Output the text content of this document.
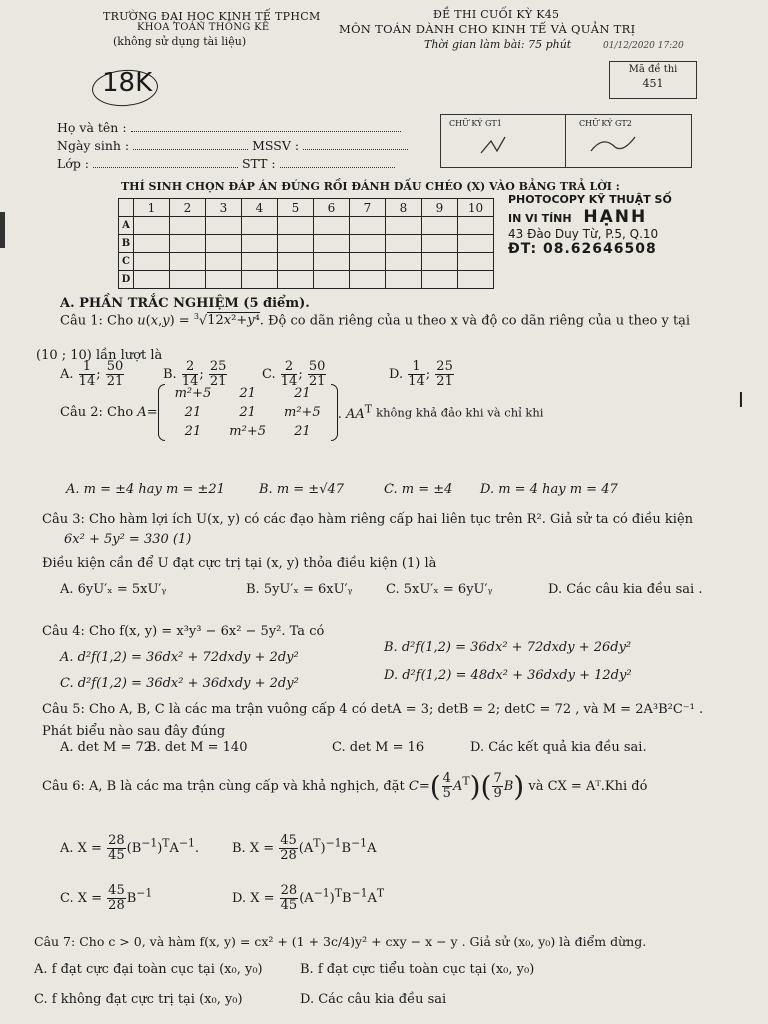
TRƯỜNG ĐẠI HỌC KINH TẾ TPHCM
KHOA TOÁN THỐNG KÊ
(không sử dụng tài liệu)
ĐỀ THI CUỐI KỲ K45
MÔN TOÁN DÀNH CHO KINH TẾ VÀ QUẢN TRỊ
Thời gian làm bài: 75 phút	01/12/2020 17:20
Mã đề thi
451
18K
Họ và tên :
Ngày sinh :	MSSV :
Lớp :	STT :
CHỮ KÝ GT1	CHỮ KÝ GT2
THÍ SINH CHỌN ĐÁP ÁN ĐÚNG RỒI ĐÁNH DẤU CHÉO (X) VÀO BẢNG TRẢ LỜI :
	1	2	3	4	5	6	7	8	9	10
A										
B										
C										
D										
PHOTOCOPY KỸ THUẬT SỐ
IN VI TÍNH HẠNH
43 Đào Duy Từ, P.5, Q.10
ĐT: 08.62646508
A. PHẦN TRẮC NGHIỆM (5 điểm).
Câu 1: Cho u(x,y) = $^3$√12x²+y⁴. Độ co dãn riêng của u theo x và độ co dãn riêng của u theo y tại
(10 ; 10) lần lượt là
A. $\frac{1}{14}$ ; $\frac{50}{21}$	B. $\frac{2}{14}$ ; $\frac{25}{21}$	C. $\frac{2}{14}$ ; $\frac{50}{21}$	D. $\frac{1}{14}$ ; $\frac{25}{21}$
I
Câu 2: Cho A=
m²+5	21	21
21	21	m²+5
21	m²+5	21
. $AA^T$ không khả đảo khi và chỉ khi
A. m = ±4 hay m = ±21	B. m = ±√47	C. m = ±4 D. m = 4 hay m = 47
Câu 3: Cho hàm lợi ích U(x, y) có các đạo hàm riêng cấp hai liên tục trên R². Giả sử ta có điều kiện
6x² + 5y² = 330 (1)
Điều kiện cần để U đạt cực trị tại (x, y) thỏa điều kiện (1) là
A. 6yU′ₓ = 5xU′ᵧ	B. 5yU′ₓ = 6xU′ᵧ	C. 5xU′ₓ = 6yU′ᵧ	D. Các câu kia đều sai .
Câu 4: Cho f(x, y) = x³y³ − 6x² − 5y². Ta có
A. d²f(1,2) = 36dx² + 72dxdy + 2dy²
B. d²f(1,2) = 36dx² + 72dxdy + 26dy²
C. d²f(1,2) = 36dx² + 36dxdy + 2dy²
D. d²f(1,2) = 48dx² + 36dxdy + 12dy²
Câu 5: Cho A, B, C là các ma trận vuông cấp 4 có detA = 3; detB = 2; detC = 72 , và M = 2A³B²C⁻¹ .
Phát biểu nào sau đây đúng
A. det M = 72
B. det M = 140	C. det M = 16	D. Các kết quả kia đều sai.
Câu 6: A, B là các ma trận cùng cấp và khả nghịch, đặt $C=( \frac{4}{5} A^T)( \frac{7}{9} B)$ và CX = Aᵀ.Khi đó
A. $X = \frac{28}{45} (B^{-1})^TA^{-1}$.	B. $X = \frac{45}{28} (A^T)^{-1}B^{-1}A$
C. $X = \frac{45}{28} B^{-1}$	D. $X = \frac{28}{45} (A^{-1})^TB^{-1}A^T$
Câu 7: Cho c > 0, và hàm f(x, y) = cx² + (1 + 3c/4)y² + cxy − x − y . Giả sử (x₀, y₀) là điểm dừng.
A. f đạt cực đại toàn cục tại (x₀, y₀)	B. f đạt cực tiểu toàn cục tại (x₀, y₀)
C. f không đạt cực trị tại (x₀, y₀)	D. Các câu kia đều sai
